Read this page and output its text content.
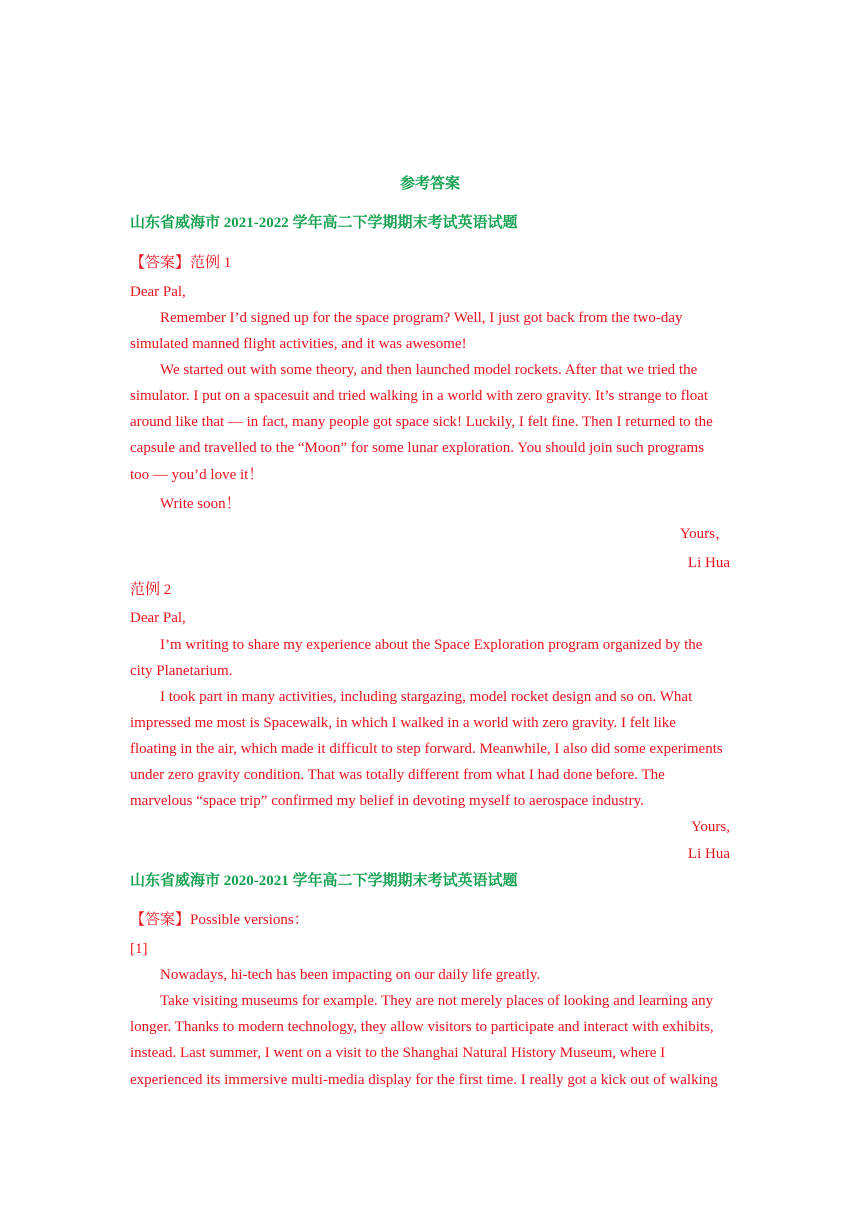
参考答案
山东省威海市 2021-2022 学年高二下学期期末考试英语试题
【答案】范例 1
Dear Pal,
Remember I’d signed up for the space program? Well, I just got back from the two-day
simulated manned flight activities, and it was awesome!
We started out with some theory, and then launched model rockets. After that we tried the
simulator. I put on a spacesuit and tried walking in a world with zero gravity. It’s strange to float
around like that — in fact, many people got space sick! Luckily, I felt fine. Then I returned to the
capsule and travelled to the “Moon” for some lunar exploration. You should join such programs
too — you’d love it！
Write soon！
Yours，
Li Hua
范例 2
Dear Pal,
I’m writing to share my experience about the Space Exploration program organized by the
city Planetarium.
I took part in many activities, including stargazing, model rocket design and so on. What
impressed me most is Spacewalk, in which I walked in a world with zero gravity. I felt like
floating in the air, which made it difficult to step forward. Meanwhile, I also did some experiments
under zero gravity condition. That was totally different from what I had done before. The
marvelous “space trip” confirmed my belief in devoting myself to aerospace industry.
Yours,
Li Hua
山东省威海市 2020-2021 学年高二下学期期末考试英语试题
【答案】Possible versions：
[1]
Nowadays, hi-tech has been impacting on our daily life greatly.
Take visiting museums for example. They are not merely places of looking and learning any
longer. Thanks to modern technology, they allow visitors to participate and interact with exhibits,
instead. Last summer, I went on a visit to the Shanghai Natural History Museum, where I
experienced its immersive multi-media display for the first time. I really got a kick out of walking
